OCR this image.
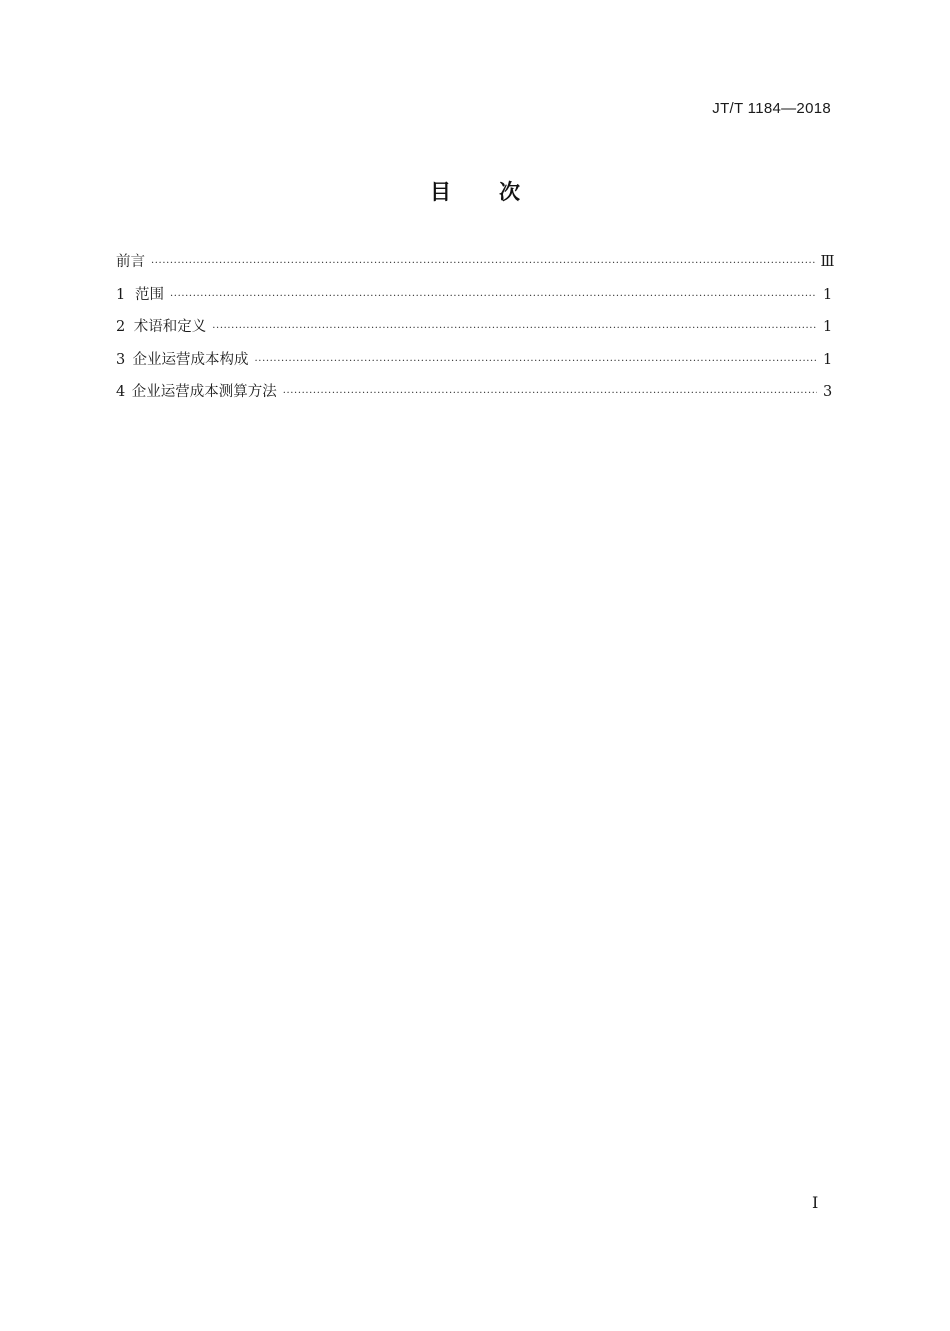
JT/T 1184—2018
目次
前言 ·····	Ⅲ
1 范围 ·····	1
2 术语和定义 ·····	1
3 企业运营成本构成 ·····	1
4 企业运营成本测算方法 ·····	3
Ⅰ
